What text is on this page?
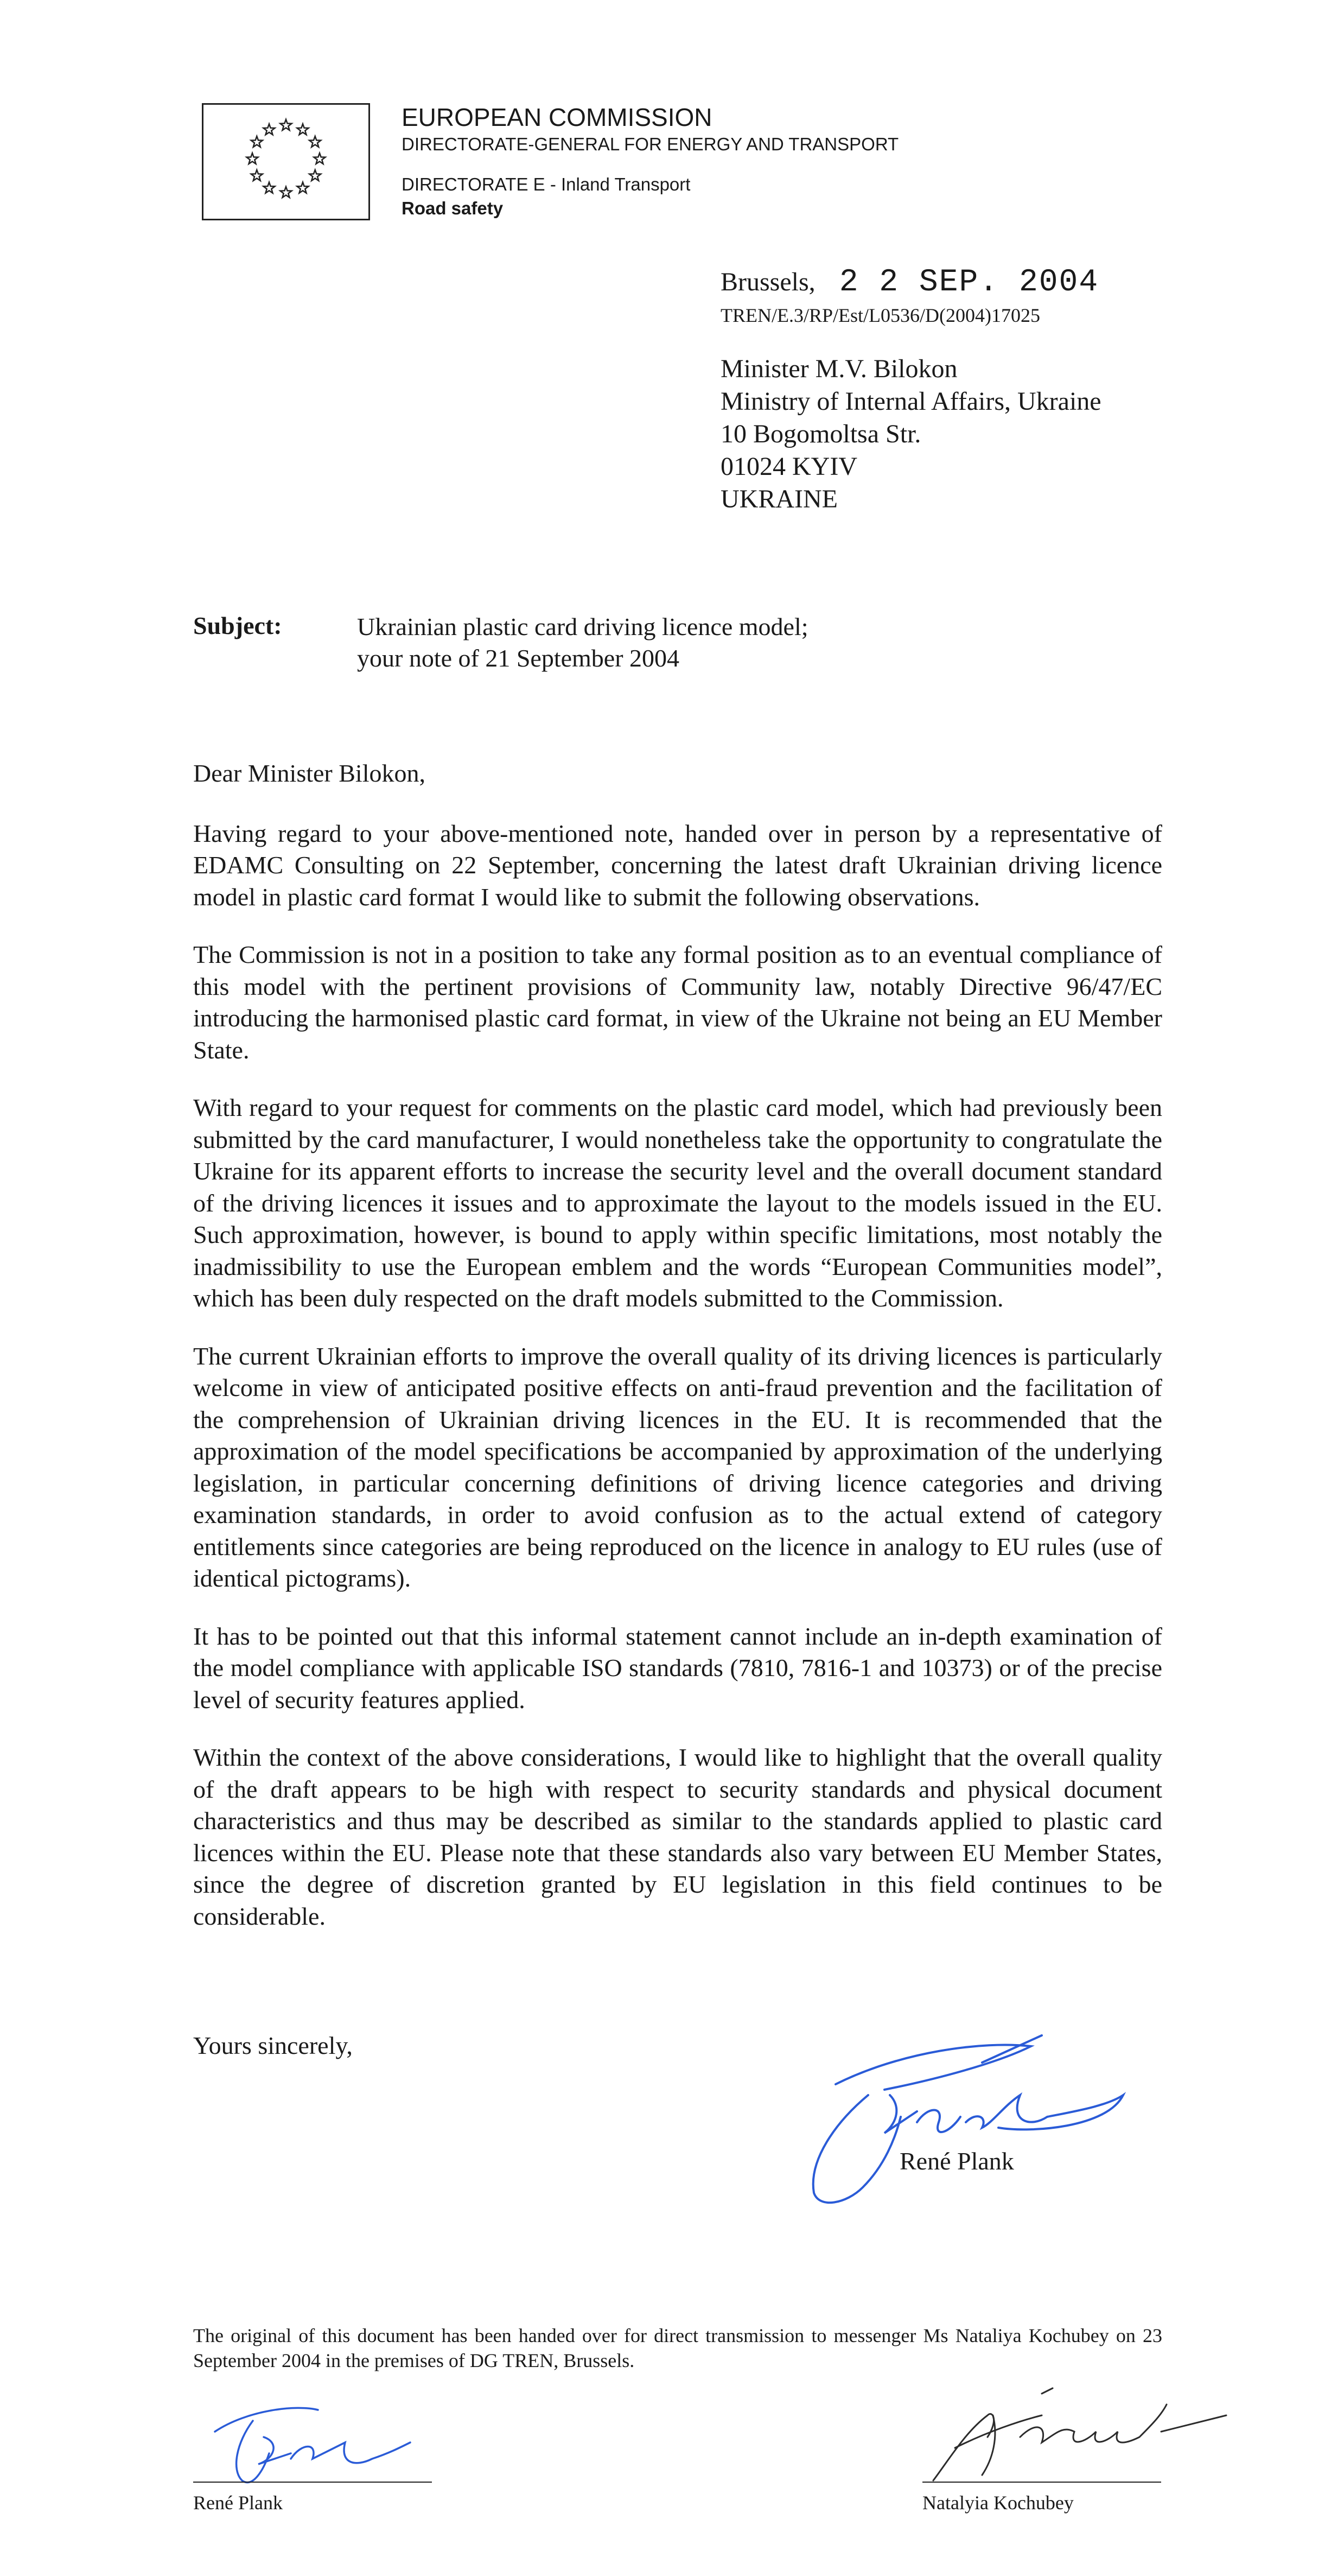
EUROPEAN COMMISSION
DIRECTORATE-GENERAL FOR ENERGY AND TRANSPORT
DIRECTORATE E - Inland Transport
Road safety
Brussels, 2 2 SEP. 2004
TREN/E.3/RP/Est/L0536/D(2004)17025
Minister M.V. Bilokon
Ministry of Internal Affairs, Ukraine
10 Bogomoltsa Str.
01024 KYIV
UKRAINE
Subject:	Ukrainian plastic card driving licence model;
your note of 21 September 2004

Dear Minister Bilokon,

Having regard to your above-mentioned note, handed over in person by a representative of EDAMC Consulting on 22 September, concerning the latest draft Ukrainian driving licence model in plastic card format I would like to submit the following observations.

The Commission is not in a position to take any formal position as to an eventual compliance of this model with the pertinent provisions of Community law, notably Directive 96/47/EC introducing the harmonised plastic card format, in view of the Ukraine not being an EU Member State.

With regard to your request for comments on the plastic card model, which had previously been submitted by the card manufacturer, I would nonetheless take the opportunity to congratulate the Ukraine for its apparent efforts to increase the security level and the overall document standard of the driving licences it issues and to approximate the layout to the models issued in the EU. Such approximation, however, is bound to apply within specific limitations, most notably the inadmissibility to use the European emblem and the words “European Communities model”, which has been duly respected on the draft models submitted to the Commission.

The current Ukrainian efforts to improve the overall quality of its driving licences is particularly welcome in view of anticipated positive effects on anti-fraud prevention and the facilitation of the comprehension of Ukrainian driving licences in the EU. It is recommended that the approximation of the model specifications be accompanied by approximation of the underlying legislation, in particular concerning definitions of driving licence categories and driving examination standards, in order to avoid confusion as to the actual extend of category entitlements since categories are being reproduced on the licence in analogy to EU rules (use of identical pictograms).

It has to be pointed out that this informal statement cannot include an in-depth examination of the model compliance with applicable ISO standards (7810, 7816-1 and 10373) or of the precise level of security features applied.

Within the context of the above considerations, I would like to highlight that the overall quality of the draft appears to be high with respect to security standards and physical document characteristics and thus may be described as similar to the standards applied to plastic card licences within the EU. Please note that these standards also vary between EU Member States, since the degree of discretion granted by EU legislation in this field continues to be considerable.

Yours sincerely,
René Plank
The original of this document has been handed over for direct transmission to messenger Ms Nataliya Kochubey on 23 September 2004 in the premises of DG TREN, Brussels.
René Plank	Natalyia Kochubey
